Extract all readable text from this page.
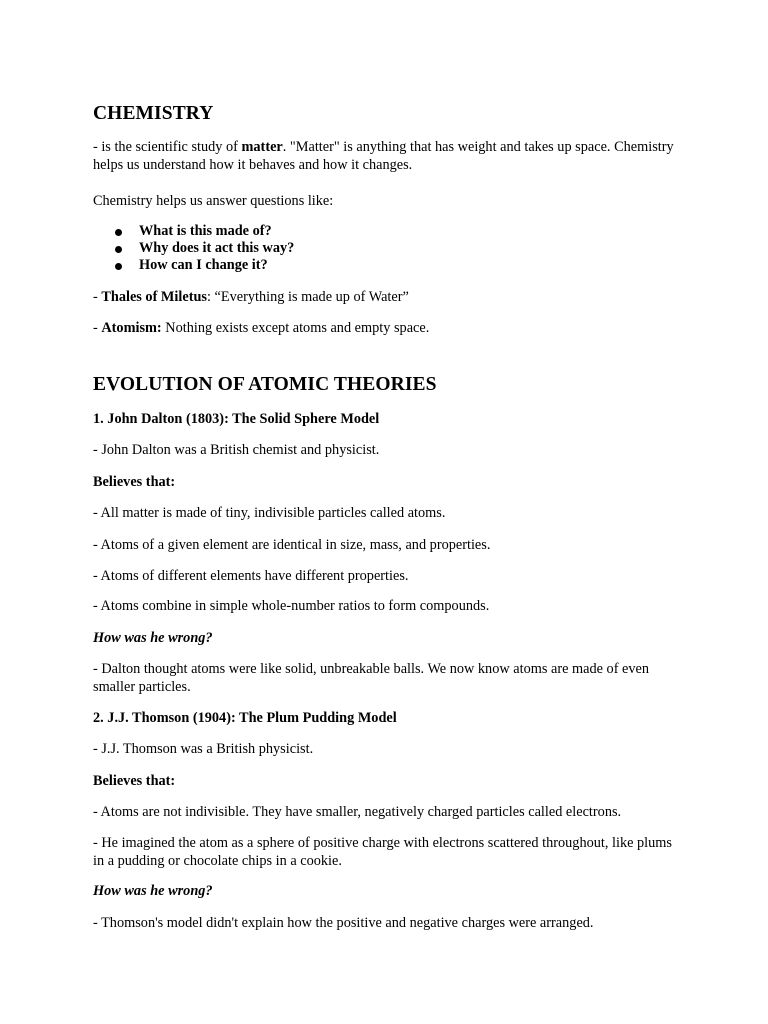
CHEMISTRY

- is the scientific study of matter. "Matter" is anything that has weight and takes up space. Chemistry helps us understand how it behaves and how it changes.

Chemistry helps us answer questions like:

What is this made of?
Why does it act this way?
How can I change it?

- Thales of Miletus: “Everything is made up of Water”

- Atomism: Nothing exists except atoms and empty space.

EVOLUTION OF ATOMIC THEORIES

1. John Dalton (1803): The Solid Sphere Model

- John Dalton was a British chemist and physicist.

Believes that:

- All matter is made of tiny, indivisible particles called atoms.

- Atoms of a given element are identical in size, mass, and properties.

- Atoms of different elements have different properties.

- Atoms combine in simple whole-number ratios to form compounds.

How was he wrong?

- Dalton thought atoms were like solid, unbreakable balls. We now know atoms are made of even smaller particles.

2. J.J. Thomson (1904): The Plum Pudding Model

- J.J. Thomson was a British physicist.

Believes that:

- Atoms are not indivisible. They have smaller, negatively charged particles called electrons.

- He imagined the atom as a sphere of positive charge with electrons scattered throughout, like plums in a pudding or chocolate chips in a cookie.

How was he wrong?

- Thomson's model didn't explain how the positive and negative charges were arranged.
